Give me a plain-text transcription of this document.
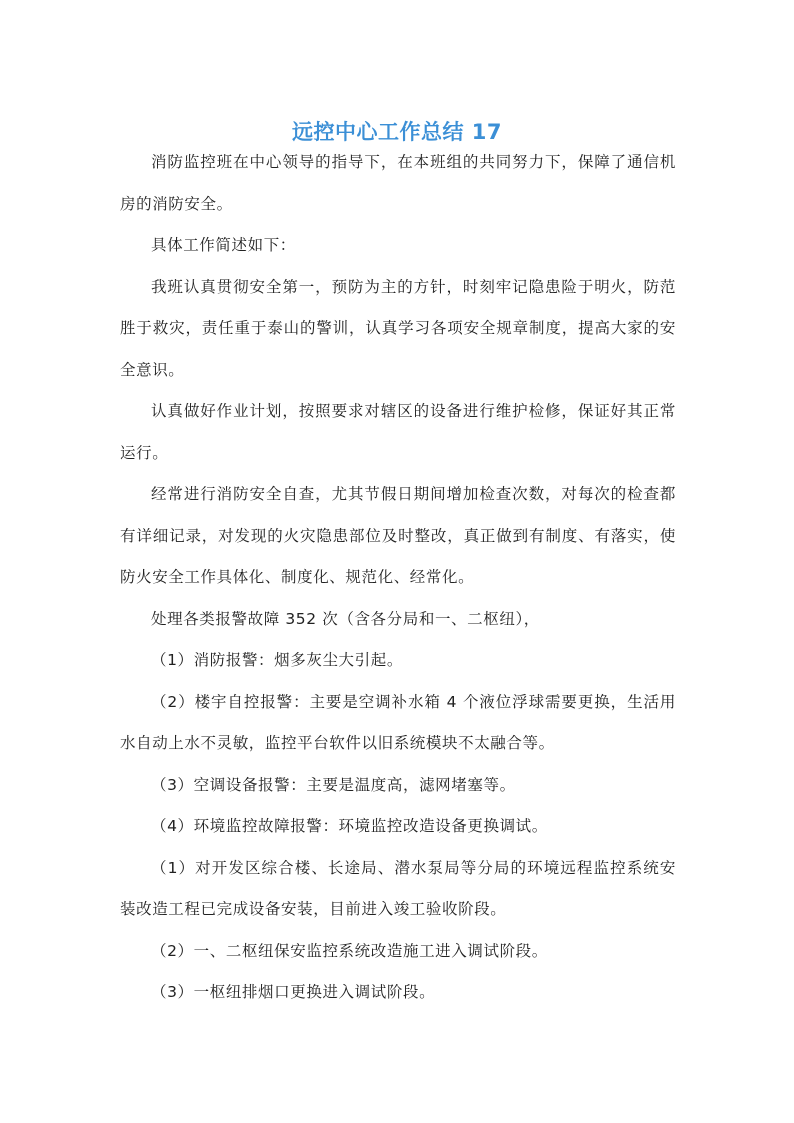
远控中心工作总结 17

消防监控班在中心领导的指导下，在本班组的共同努力下，保障了通信机房的消防安全。

具体工作简述如下：

我班认真贯彻安全第一，预防为主的方针，时刻牢记隐患险于明火，防范胜于救灾，责任重于泰山的警训，认真学习各项安全规章制度，提高大家的安全意识。

认真做好作业计划，按照要求对辖区的设备进行维护检修，保证好其正常运行。

经常进行消防安全自查，尤其节假日期间增加检查次数，对每次的检查都有详细记录，对发现的火灾隐患部位及时整改，真正做到有制度、有落实，使防火安全工作具体化、制度化、规范化、经常化。

处理各类报警故障 352 次（含各分局和一、二枢纽），

（1）消防报警：烟多灰尘大引起。

（2）楼宇自控报警：主要是空调补水箱 4 个液位浮球需要更换，生活用水自动上水不灵敏，监控平台软件以旧系统模块不太融合等。

（3）空调设备报警：主要是温度高，滤网堵塞等。

（4）环境监控故障报警：环境监控改造设备更换调试。

（1）对开发区综合楼、长途局、潜水泵局等分局的环境远程监控系统安装改造工程已完成设备安装，目前进入竣工验收阶段。

（2）一、二枢纽保安监控系统改造施工进入调试阶段。

（3）一枢纽排烟口更换进入调试阶段。
